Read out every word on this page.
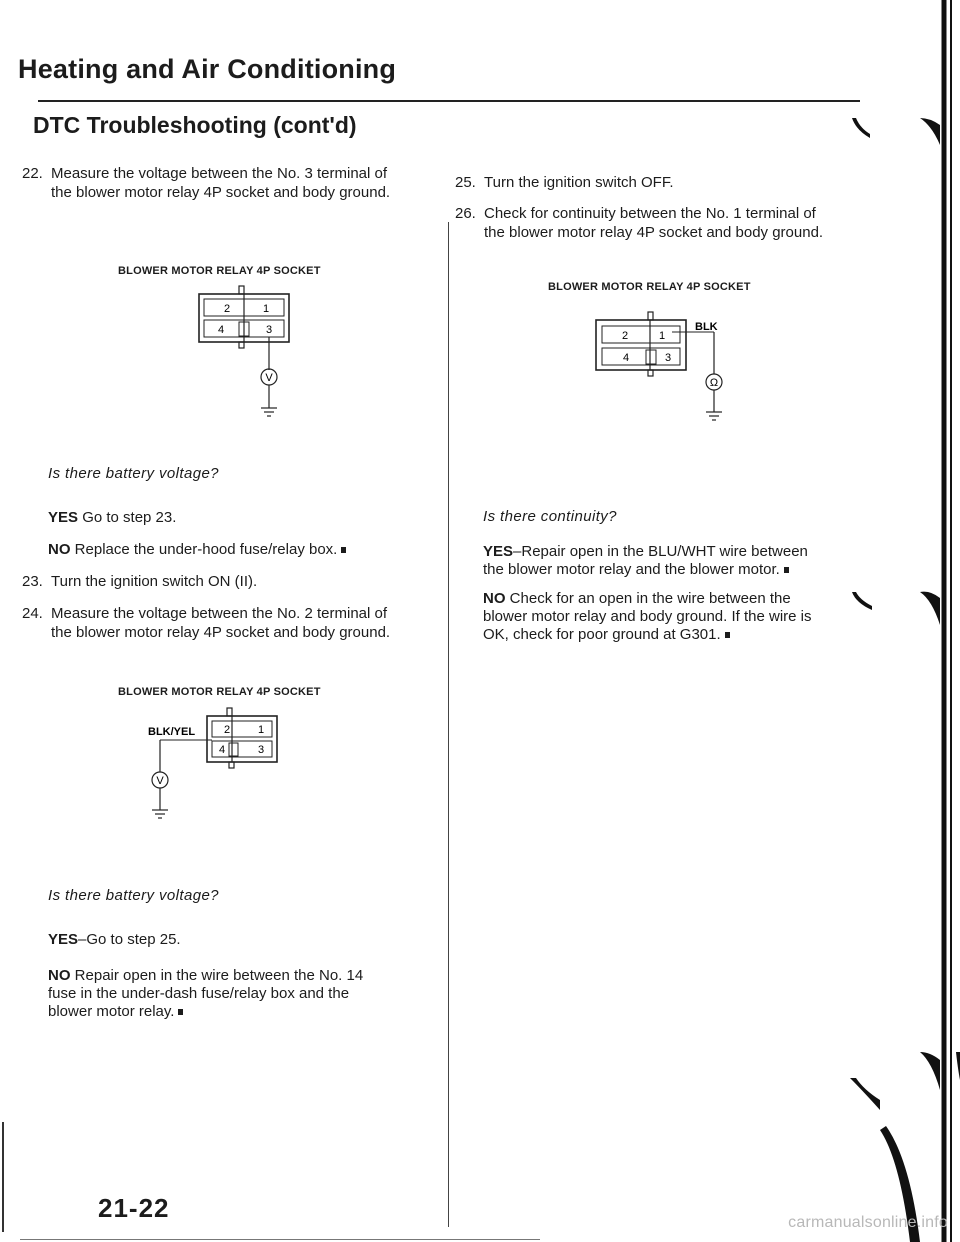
Heating and Air Conditioning
DTC Troubleshooting (cont'd)
22. Measure the voltage between the No. 3 terminal of
the blower motor relay 4P socket and body ground.
BLOWER MOTOR RELAY 4P SOCKET
2	1
4	3
V
Is there battery voltage?
YES Go to step 23.
NO Replace the under-hood fuse/relay box.
23. Turn the ignition switch ON (II).
24. Measure the voltage between the No. 2 terminal of
the blower motor relay 4P socket and body ground.
BLOWER MOTOR RELAY 4P SOCKET
BLK/YEL	2	1
4	3
V
Is there battery voltage?
YES–Go to step 25.
NO Repair open in the wire between the No. 14
fuse in the under-dash fuse/relay box and the
blower motor relay.
25. Turn the ignition switch OFF.
26. Check for continuity between the No. 1 terminal of
the blower motor relay 4P socket and body ground.
BLOWER MOTOR RELAY 4P SOCKET
2	1
4	3
BLK
Ω
Is there continuity?
YES–Repair open in the BLU/WHT wire between
the blower motor relay and the blower motor.
NO Check for an open in the wire between the
blower motor relay and body ground. If the wire is
OK, check for poor ground at G301.
21-22	carmanualsonline.info
